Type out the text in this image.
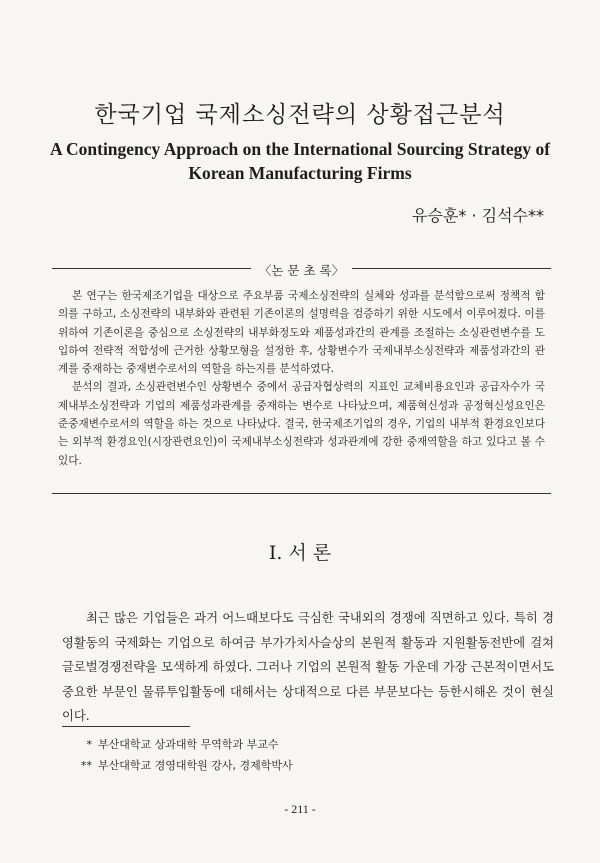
한국기업 국제소싱전략의 상황접근분석
A Contingency Approach on the International Sourcing Strategy of Korean Manufacturing Firms
유승훈* · 김석수**
〈논 문 초 록〉

본 연구는 한국제조기업을 대상으로 주요부품 국제소싱전략의 실체와 성과를 분석함으로써 정책적 함의를 구하고, 소싱전략의 내부화와 관련된 기존이론의 설명력을 검증하기 위한 시도에서 이루어졌다. 이를 위하여 기존이론을 중심으로 소싱전략의 내부화정도와 제품성과간의 관계를 조절하는 소싱관련변수를 도입하여 전략적 적합성에 근거한 상황모형을 설정한 후, 상황변수가 국제내부소싱전략과 제품성과간의 관계를 중재하는 중재변수로서의 역할을 하는지를 분석하였다.

분석의 결과, 소싱관련변수인 상황변수 중에서 공급자협상력의 지표인 교체비용요인과 공급자수가 국제내부소싱전략과 기업의 제품성과관계를 중재하는 변수로 나타났으며, 제품혁신성과 공정혁신성요인은 준중재변수로서의 역할을 하는 것으로 나타났다. 결국, 한국제조기업의 경우, 기업의 내부적 환경요인보다는 외부적 환경요인(시장관련요인)이 국제내부소싱전략과 성과관계에 강한 중재역할을 하고 있다고 볼 수 있다.

I. 서 론

최근 많은 기업들은 과거 어느때보다도 극심한 국내외의 경쟁에 직면하고 있다. 특히 경영활동의 국제화는 기업으로 하여금 부가가치사슬상의 본원적 활동과 지원활동전반에 걸쳐 글로벌경쟁전략을 모색하게 하였다. 그러나 기업의 본원적 활동 가운데 가장 근본적이면서도 중요한 부문인 물류투입활동에 대해서는 상대적으로 다른 부문보다는 등한시해온 것이 현실이다.

* 부산대학교 상과대학 무역학과 부교수
** 부산대학교 경영대학원 강사, 경제학박사
- 211 -
